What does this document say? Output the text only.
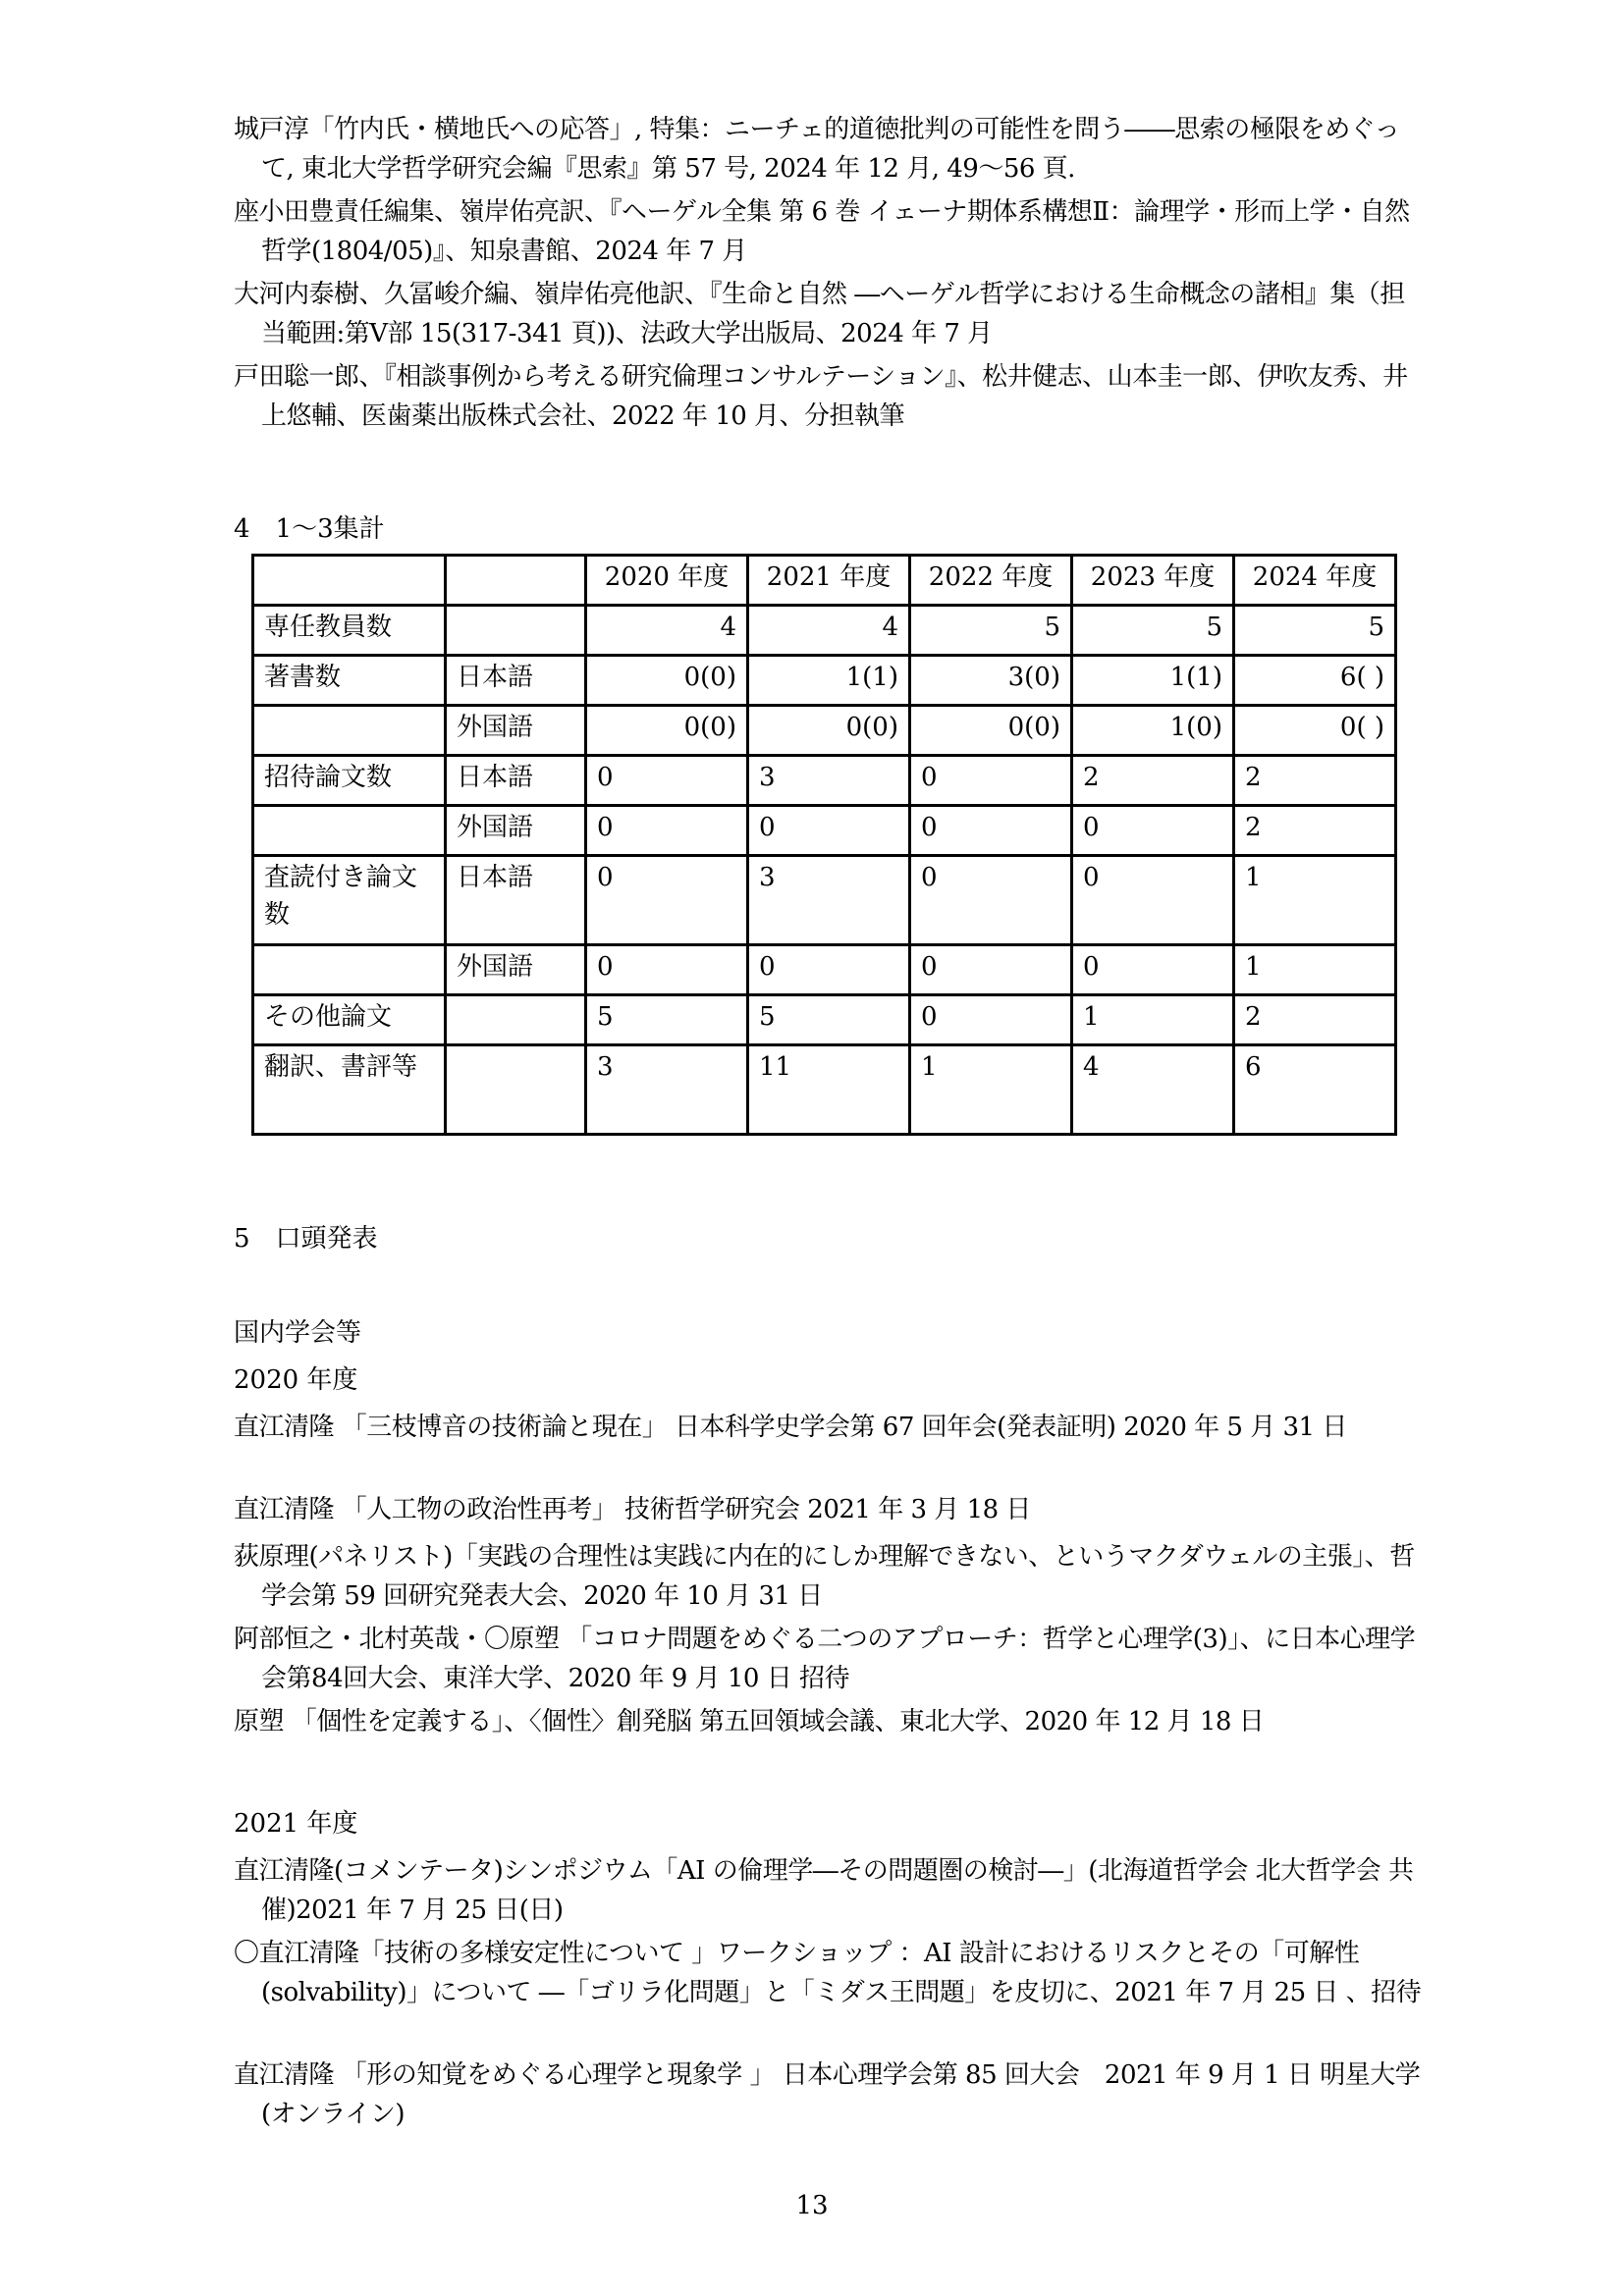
城戸淳「竹内氏・横地氏への応答」, 特集：ニーチェ的道徳批判の可能性を問う――思索の極限をめぐって, 東北大学哲学研究会編『思索』第 57 号, 2024 年 12 月, 49～56 頁.
座小田豊責任編集、嶺岸佑亮訳、『ヘーゲル全集 第 6 巻 イェーナ期体系構想Ⅱ：論理学・形而上学・自然哲学(1804/05)』、知泉書館、2024 年 7 月
大河内泰樹、久冨峻介編、嶺岸佑亮他訳、『生命と自然 ―ヘーゲル哲学における生命概念の諸相』集（担当範囲:第Ⅴ部 15(317-341 頁))、法政大学出版局、2024 年 7 月
戸田聡一郎、『相談事例から考える研究倫理コンサルテーション』、松井健志、山本圭一郎、伊吹友秀、井上悠輔、医歯薬出版株式会社、2022 年 10 月、分担執筆
4　1～3集計
		2020 年度	2021 年度	2022 年度	2023 年度	2024 年度
専任教員数		4	4	5	5	5
著書数	日本語	0(0)	1(1)	3(0)	1(1)	6( )
	外国語	0(0)	0(0)	0(0)	1(0)	0( )
招待論文数	日本語	0	3	0	2	2
	外国語	0	0	0	0	2
査読付き論文数	日本語	0	3	0	0	1
	外国語	0	0	0	0	1
その他論文		5	5	0	1	2
翻訳、書評等		3	11	1	4	6
5　口頭発表
国内学会等
2020 年度
直江清隆 「三枝博音の技術論と現在」 日本科学史学会第 67 回年会(発表証明) 2020 年 5 月 31 日
直江清隆 「人工物の政治性再考」 技術哲学研究会 2021 年 3 月 18 日
荻原理(パネリスト)「実践の合理性は実践に内在的にしか理解できない、というマクダウェルの主張」、哲学会第 59 回研究発表大会、2020 年 10 月 31 日
阿部恒之・北村英哉・〇原塑 「コロナ問題をめぐる二つのアプローチ：哲学と心理学(3)」、に日本心理学会第84回大会、東洋大学、2020 年 9 月 10 日 招待
原塑 「個性を定義する」、〈個性〉創発脳 第五回領域会議、東北大学、2020 年 12 月 18 日
2021 年度
直江清隆(コメンテータ)シンポジウム「AI の倫理学―その問題圏の検討―」(北海道哲学会 北大哲学会 共催)2021 年 7 月 25 日(日)
〇直江清隆「技術の多様安定性について 」ワークショップ ：AI 設計におけるリスクとその「可解性(solvability)」について ―「ゴリラ化問題」と「ミダス王問題」を皮切に、2021 年 7 月 25 日 、招待
直江清隆 「形の知覚をめぐる心理学と現象学 」 日本心理学会第 85 回大会　2021 年 9 月 1 日 明星大学(オンライン)
13
